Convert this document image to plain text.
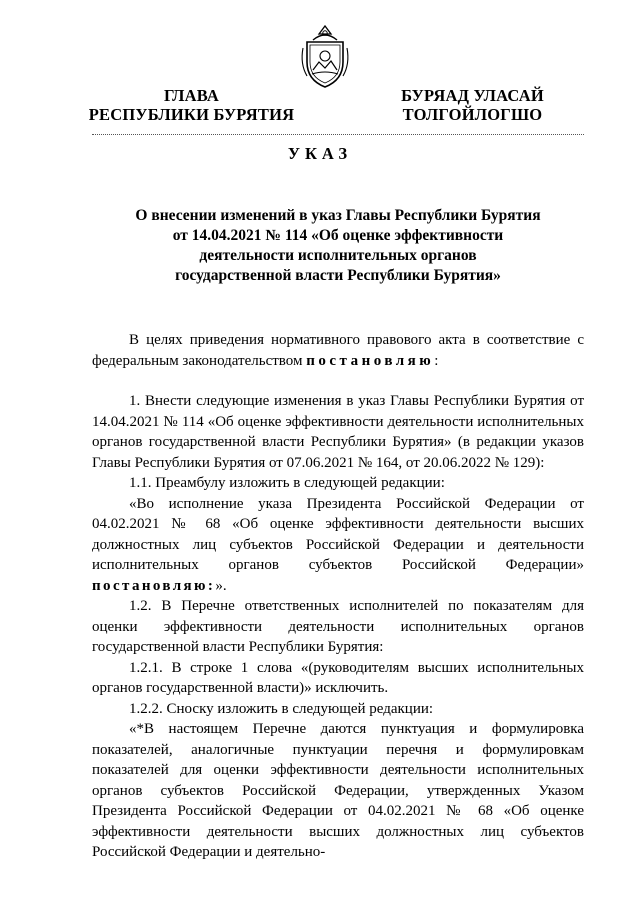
ГЛАВА
РЕСПУБЛИКИ БУРЯТИЯ
БУРЯАД УЛАСАЙ
ТОЛГОЙЛОГШО
УКАЗ
О внесении изменений в указ Главы Республики Бурятия
от 14.04.2021 № 114 «Об оценке эффективности
деятельности исполнительных органов
государственной власти Республики Бурятия»

В целях приведения нормативного правового акта в соответствие с федеральным законодательством постановляю:

1. Внести следующие изменения в указ Главы Республики Бурятия от 14.04.2021 № 114 «Об оценке эффективности деятельности исполнительных органов государственной власти Республики Бурятия» (в редакции указов Главы Республики Бурятия от 07.06.2021 № 164, от 20.06.2022 № 129):

1.1. Преамбулу изложить в следующей редакции:

«Во исполнение указа Президента Российской Федерации от 04.02.2021 № 68 «Об оценке эффективности деятельности высших должностных лиц субъектов Российской Федерации и деятельности исполнительных органов субъектов Российской Федерации» постановляю:».

1.2. В Перечне ответственных исполнителей по показателям для оценки эффективности деятельности исполнительных органов государственной власти Республики Бурятия:

1.2.1. В строке 1 слова «(руководителям высших исполнительных органов государственной власти)» исключить.

1.2.2. Сноску изложить в следующей редакции:

«*В настоящем Перечне даются пунктуация и формулировка показателей, аналогичные пунктуации перечня и формулировкам показателей для оценки эффективности деятельности исполнительных органов субъектов Российской Федерации, утвержденных Указом Президента Российской Федерации от 04.02.2021 № 68 «Об оценке эффективности деятельности высших должностных лиц субъектов Российской Федерации и деятельно-
